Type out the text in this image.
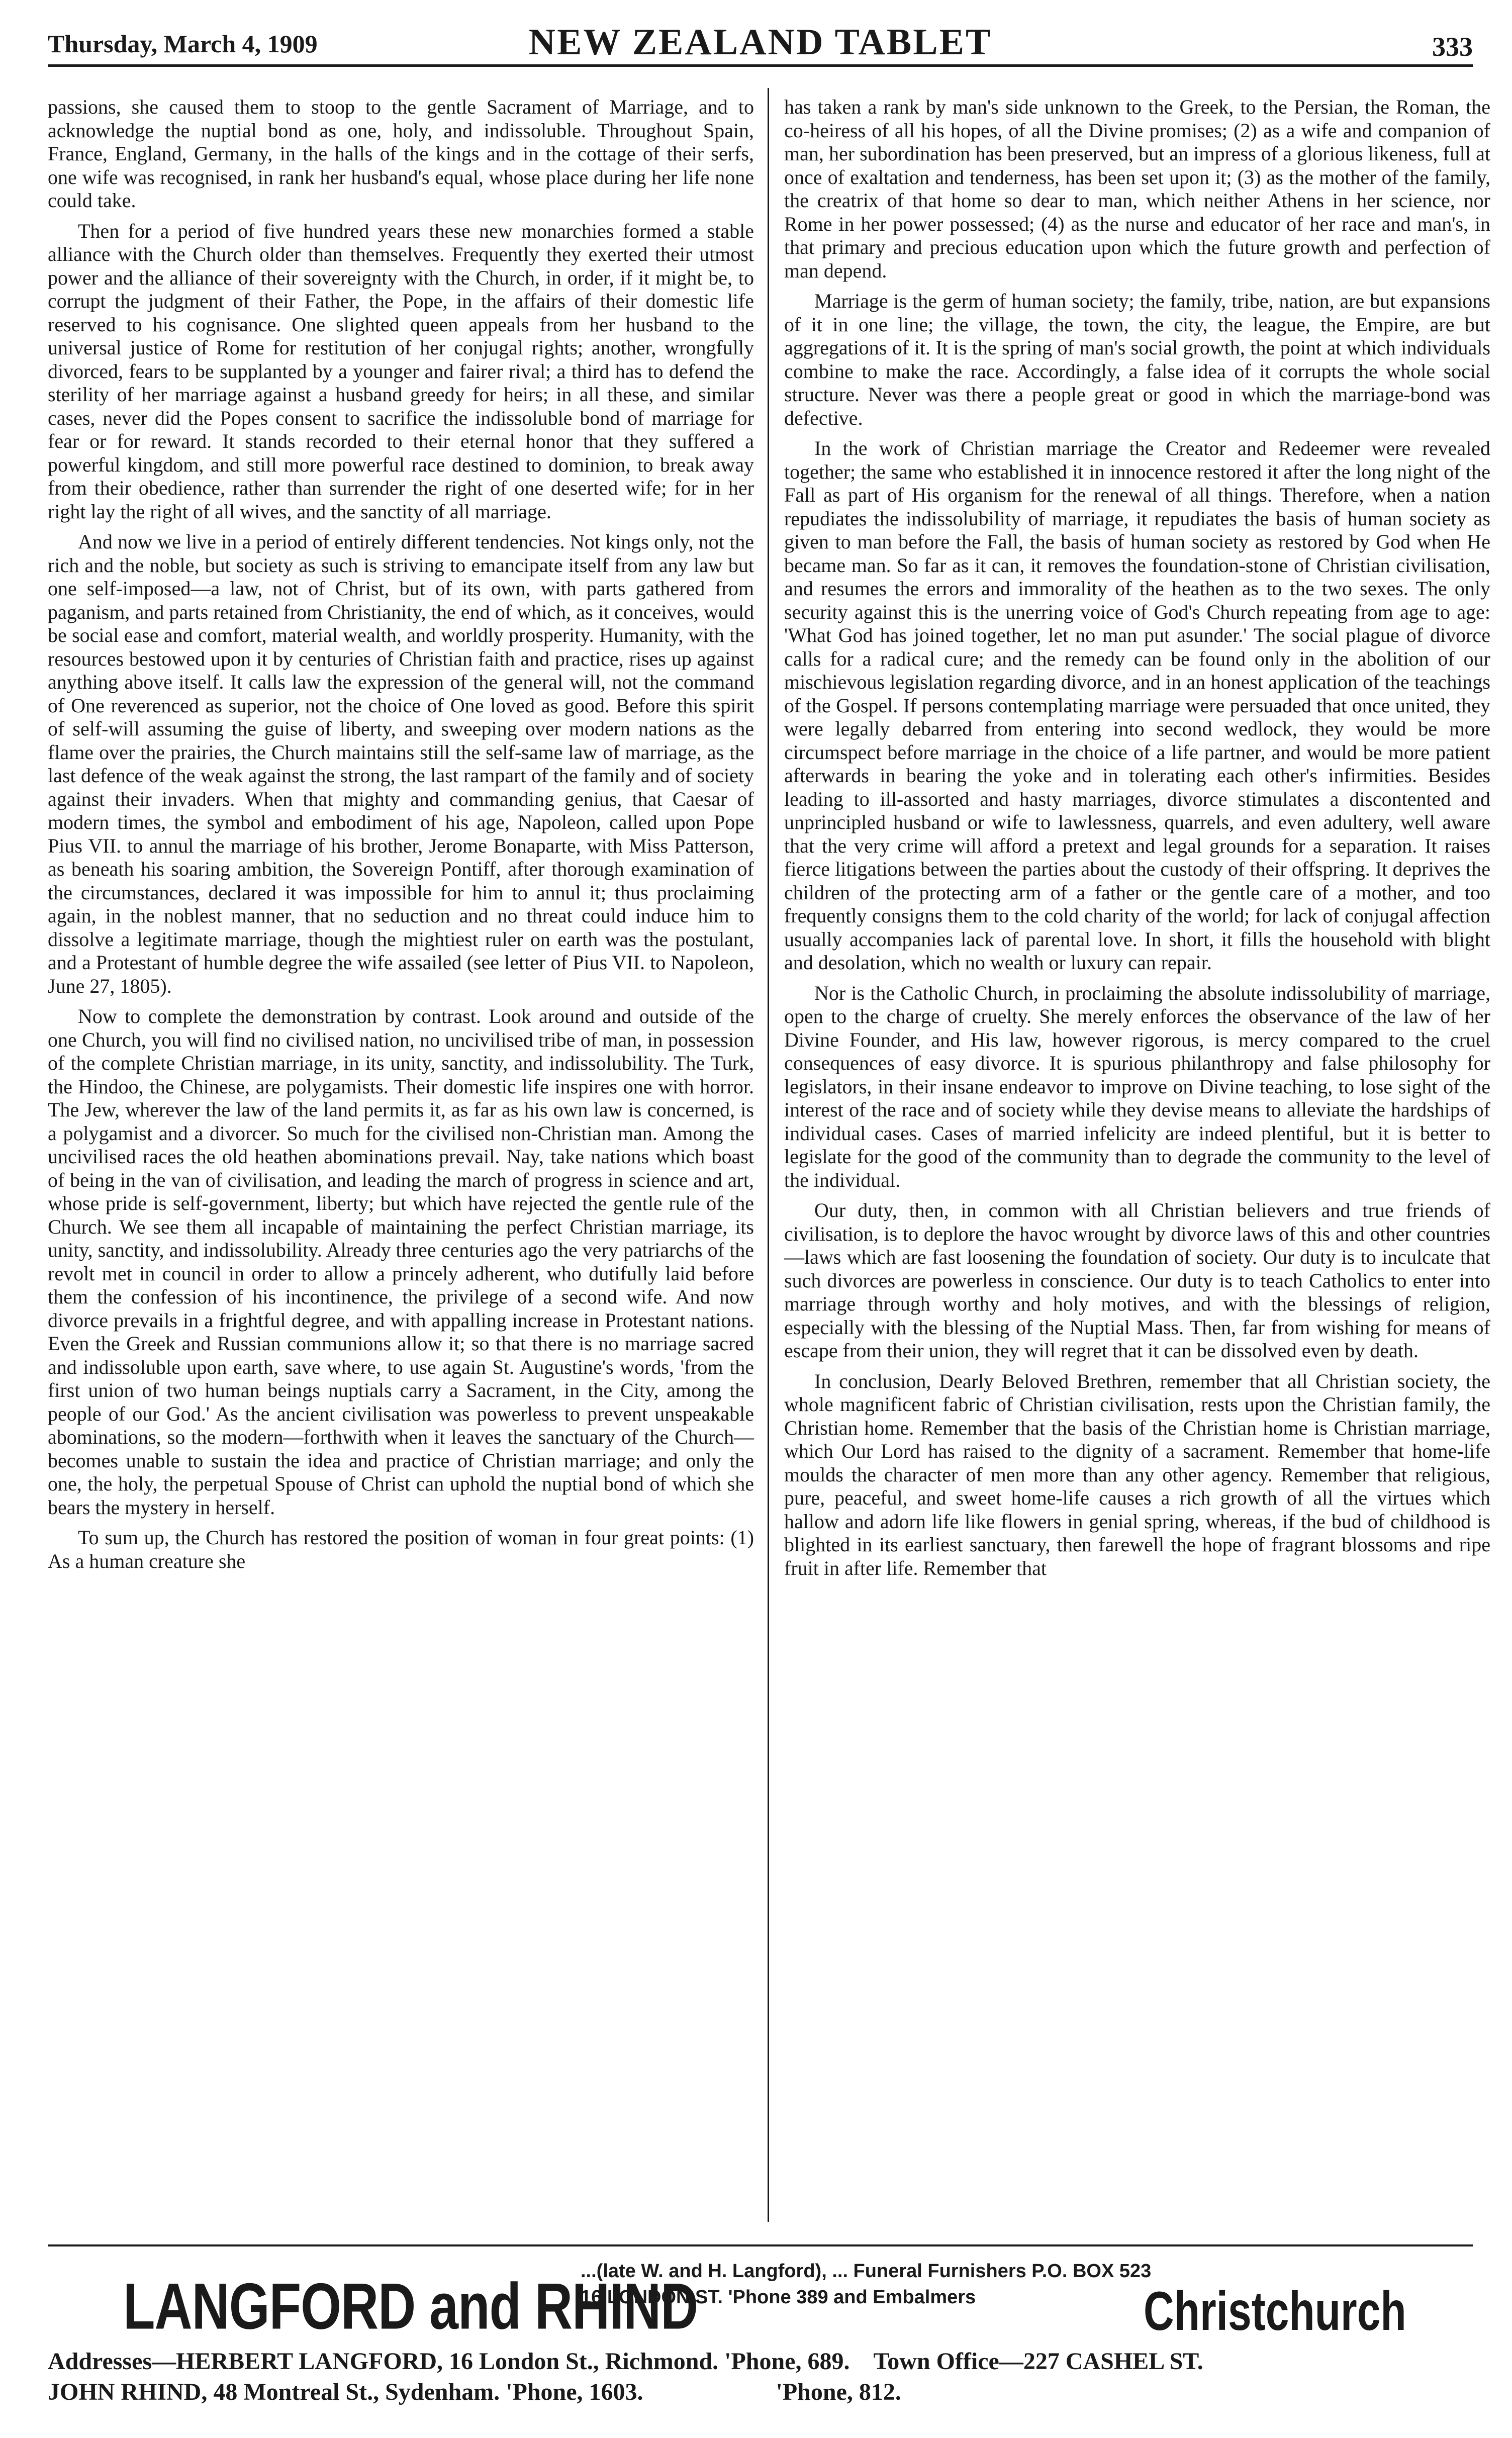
Thursday, March 4, 1909	NEW ZEALAND TABLET	333

passions, she caused them to stoop to the gentle Sacrament of Marriage, and to acknowledge the nuptial bond as one, holy, and indissoluble. Throughout Spain, France, England, Germany, in the halls of the kings and in the cottage of their serfs, one wife was recognised, in rank her husband's equal, whose place during her life none could take.

Then for a period of five hundred years these new monarchies formed a stable alliance with the Church older than themselves. Frequently they exerted their utmost power and the alliance of their sovereignty with the Church, in order, if it might be, to corrupt the judgment of their Father, the Pope, in the affairs of their domestic life reserved to his cognisance. One slighted queen appeals from her husband to the universal justice of Rome for restitution of her conjugal rights; another, wrongfully divorced, fears to be supplanted by a younger and fairer rival; a third has to defend the sterility of her marriage against a husband greedy for heirs; in all these, and similar cases, never did the Popes consent to sacrifice the indissoluble bond of marriage for fear or for reward. It stands recorded to their eternal honor that they suffered a powerful kingdom, and still more powerful race destined to dominion, to break away from their obedience, rather than surrender the right of one deserted wife; for in her right lay the right of all wives, and the sanctity of all marriage.

And now we live in a period of entirely different tendencies. Not kings only, not the rich and the noble, but society as such is striving to emancipate itself from any law but one self-imposed—a law, not of Christ, but of its own, with parts gathered from paganism, and parts retained from Christianity, the end of which, as it conceives, would be social ease and comfort, material wealth, and worldly prosperity. Humanity, with the resources bestowed upon it by centuries of Christian faith and practice, rises up against anything above itself. It calls law the expression of the general will, not the command of One reverenced as superior, not the choice of One loved as good. Before this spirit of self-will assuming the guise of liberty, and sweeping over modern nations as the flame over the prairies, the Church maintains still the self-same law of marriage, as the last defence of the weak against the strong, the last rampart of the family and of society against their invaders. When that mighty and commanding genius, that Caesar of modern times, the symbol and embodiment of his age, Napoleon, called upon Pope Pius VII. to annul the marriage of his brother, Jerome Bonaparte, with Miss Patterson, as beneath his soaring ambition, the Sovereign Pontiff, after thorough examination of the circumstances, declared it was impossible for him to annul it; thus proclaiming again, in the noblest manner, that no seduction and no threat could induce him to dissolve a legitimate marriage, though the mightiest ruler on earth was the postulant, and a Protestant of humble degree the wife assailed (see letter of Pius VII. to Napoleon, June 27, 1805).

Now to complete the demonstration by contrast. Look around and outside of the one Church, you will find no civilised nation, no uncivilised tribe of man, in possession of the complete Christian marriage, in its unity, sanctity, and indissolubility. The Turk, the Hindoo, the Chinese, are polygamists. Their domestic life inspires one with horror. The Jew, wherever the law of the land permits it, as far as his own law is concerned, is a polygamist and a divorcer. So much for the civilised non-Christian man. Among the uncivilised races the old heathen abominations prevail. Nay, take nations which boast of being in the van of civilisation, and leading the march of progress in science and art, whose pride is self-government, liberty; but which have rejected the gentle rule of the Church. We see them all incapable of maintaining the perfect Christian marriage, its unity, sanctity, and indissolubility. Already three centuries ago the very patriarchs of the revolt met in council in order to allow a princely adherent, who dutifully laid before them the confession of his incontinence, the privilege of a second wife. And now divorce prevails in a frightful degree, and with appalling increase in Protestant nations. Even the Greek and Russian communions allow it; so that there is no marriage sacred and indissoluble upon earth, save where, to use again St. Augustine's words, 'from the first union of two human beings nuptials carry a Sacrament, in the City, among the people of our God.' As the ancient civilisation was powerless to prevent unspeakable abominations, so the modern—forthwith when it leaves the sanctuary of the Church—becomes unable to sustain the idea and practice of Christian marriage; and only the one, the holy, the perpetual Spouse of Christ can uphold the nuptial bond of which she bears the mystery in herself.

To sum up, the Church has restored the position of woman in four great points: (1) As a human creature she

has taken a rank by man's side unknown to the Greek, to the Persian, the Roman, the co-heiress of all his hopes, of all the Divine promises; (2) as a wife and companion of man, her subordination has been preserved, but an impress of a glorious likeness, full at once of exaltation and tenderness, has been set upon it; (3) as the mother of the family, the creatrix of that home so dear to man, which neither Athens in her science, nor Rome in her power possessed; (4) as the nurse and educator of her race and man's, in that primary and precious education upon which the future growth and perfection of man depend.

Marriage is the germ of human society; the family, tribe, nation, are but expansions of it in one line; the village, the town, the city, the league, the Empire, are but aggregations of it. It is the spring of man's social growth, the point at which individuals combine to make the race. Accordingly, a false idea of it corrupts the whole social structure. Never was there a people great or good in which the marriage-bond was defective.

In the work of Christian marriage the Creator and Redeemer were revealed together; the same who established it in innocence restored it after the long night of the Fall as part of His organism for the renewal of all things. Therefore, when a nation repudiates the indissolubility of marriage, it repudiates the basis of human society as given to man before the Fall, the basis of human society as restored by God when He became man. So far as it can, it removes the foundation-stone of Christian civilisation, and resumes the errors and immorality of the heathen as to the two sexes. The only security against this is the unerring voice of God's Church repeating from age to age: 'What God has joined together, let no man put asunder.' The social plague of divorce calls for a radical cure; and the remedy can be found only in the abolition of our mischievous legislation regarding divorce, and in an honest application of the teachings of the Gospel. If persons contemplating marriage were persuaded that once united, they were legally debarred from entering into second wedlock, they would be more circumspect before marriage in the choice of a life partner, and would be more patient afterwards in bearing the yoke and in tolerating each other's infirmities. Besides leading to ill-assorted and hasty marriages, divorce stimulates a discontented and unprincipled husband or wife to lawlessness, quarrels, and even adultery, well aware that the very crime will afford a pretext and legal grounds for a separation. It raises fierce litigations between the parties about the custody of their offspring. It deprives the children of the protecting arm of a father or the gentle care of a mother, and too frequently consigns them to the cold charity of the world; for lack of conjugal affection usually accompanies lack of parental love. In short, it fills the household with blight and desolation, which no wealth or luxury can repair.

Nor is the Catholic Church, in proclaiming the absolute indissolubility of marriage, open to the charge of cruelty. She merely enforces the observance of the law of her Divine Founder, and His law, however rigorous, is mercy compared to the cruel consequences of easy divorce. It is spurious philanthropy and false philosophy for legislators, in their insane endeavor to improve on Divine teaching, to lose sight of the interest of the race and of society while they devise means to alleviate the hardships of individual cases. Cases of married infelicity are indeed plentiful, but it is better to legislate for the good of the community than to degrade the community to the level of the individual.

Our duty, then, in common with all Christian believers and true friends of civilisation, is to deplore the havoc wrought by divorce laws of this and other countries—laws which are fast loosening the foundation of society. Our duty is to inculcate that such divorces are powerless in conscience. Our duty is to teach Catholics to enter into marriage through worthy and holy motives, and with the blessings of religion, especially with the blessing of the Nuptial Mass. Then, far from wishing for means of escape from their union, they will regret that it can be dissolved even by death.

In conclusion, Dearly Beloved Brethren, remember that all Christian society, the whole magnificent fabric of Christian civilisation, rests upon the Christian family, the Christian home. Remember that the basis of the Christian home is Christian marriage, which Our Lord has raised to the dignity of a sacrament. Remember that home-life moulds the character of men more than any other agency. Remember that religious, pure, peaceful, and sweet home-life causes a rich growth of all the virtues which hallow and adorn life like flowers in genial spring, whereas, if the bud of childhood is blighted in its earliest sanctuary, then farewell the hope of fragrant blossoms and ripe fruit in after life. Remember that

LANGFORD and RHIND
...(late W. and H. Langford), ... Funeral Furnishers P.O. BOX 523
16 LONDON ST. 'Phone 389 and Embalmers	Christchurch
Addresses—HERBERT LANGFORD, 16 London St., Richmond. 'Phone, 689.    Town Office—227 CASHEL ST.
JOHN RHIND, 48 Montreal St., Sydenham. 'Phone, 1603.                      'Phone, 812.
